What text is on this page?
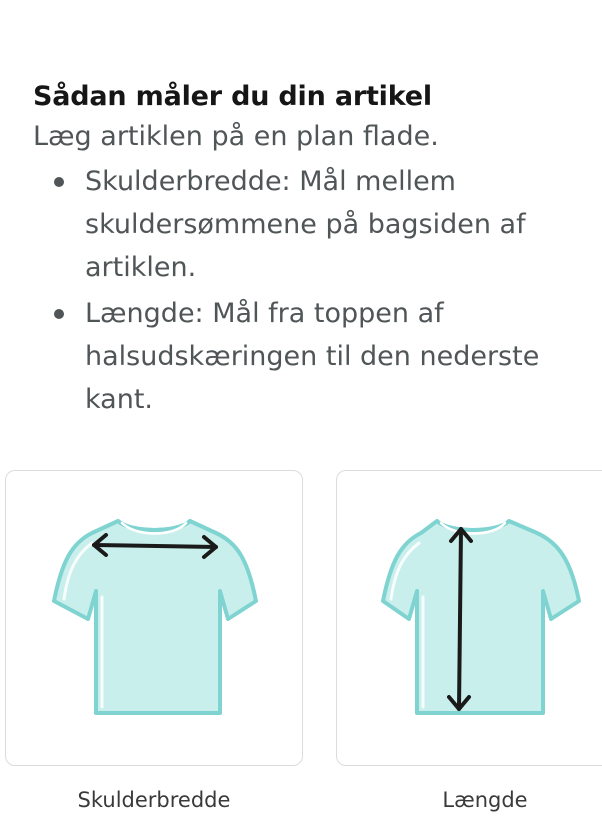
Sådan måler du din artikel

Læg artiklen på en plan flade.

Skulderbredde: Mål mellem skuldersømmene på bagsiden af artiklen.
Længde: Mål fra toppen af halsudskæringen til den nederste kant.
Skulderbredde	Længde
